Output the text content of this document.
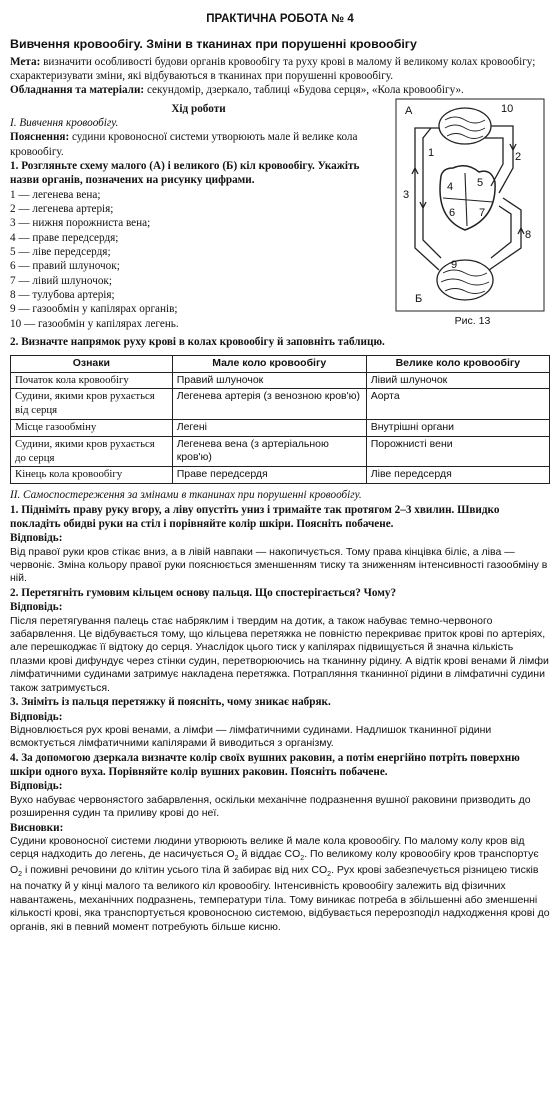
ПРАКТИЧНА РОБОТА № 4
Вивчення кровообігу. Зміни в тканинах при порушенні кровообігу

Мета: визначити особливості будови органів кровообігу та руху крові в малому й великому колах кровообігу; схарактеризувати зміни, які відбуваються в тканинах при порушенні кровообігу.

Обладнання та матеріали: секундомір, дзеркало, таблиці «Будова серця», «Кола кровообігу».

Хід роботи

І. Вивчення кровообігу.

Пояснення: судини кровоносної системи утворюють мале й велике кола кровообігу.

1. Розгляньте схему малого (А) і великого (Б) кіл кровообігу. Укажіть назви органів, позначених на рисунку цифрами.

1 — легенева вена;
2 — легенева артерія;
3 — нижня порожниста вена;
4 — праве передсердя;
5 — ліве передсердя;
6 — правий шлуночок;
7 — лівий шлуночок;
8 — тулубова артерія;
9 — газообмін у капілярах органів;
10 — газообмін у капілярах легень.
А	10
1	2
5
4
3
6 7
8
9
Б
Рис. 13

2. Визначте напрямок руху крові в колах кровообігу й заповніть таблицю.

Ознаки	Мале коло кровообігу	Велике коло кровообігу
Початок кола кровообігу	Правий шлуночок	Лівий шлуночок
Судини, якими кров рухається від серця	Легенева артерія (з венозною кров'ю)	Аорта
Місце газообміну	Легені	Внутрішні органи
Судини, якими кров рухається до серця	Легенева вена (з артеріальною кров'ю)	Порожнисті вени
Кінець кола кровообігу	Праве передсердя	Ліве передсердя

ІІ. Самоспостереження за змінами в тканинах при порушенні кровообігу.

1. Підніміть праву руку вгору, а ліву опустіть униз і тримайте так протягом 2–3 хвилин. Швидко покладіть обидві руки на стіл і порівняйте колір шкіри. Поясніть побачене.

Відповідь:

Від правої руки кров стікає вниз, а в лівій навпаки — накопичується. Тому права кінцівка біліє, а ліва — червоніє. Зміна кольору правої руки пояснюється зменшенням тиску та зниженням інтенсивності газообміну в ній.

2. Перетягніть гумовим кільцем основу пальця. Що спостерігається? Чому?

Відповідь:

Після перетягування палець стає набряклим і твердим на дотик, а також набуває темно-червоного забарвлення. Це відбувається тому, що кільцева перетяжка не повністю перекриває приток крові по артеріях, але перешкоджає її відтоку до серця. Унаслідок цього тиск у капілярах підвищується й значна кількість плазми крові дифундує через стінки судин, перетворюючись на тканинну рідину. А відтік крові венами й лімфи лімфатичними судинами затримує накладена перетяжка. Потрапляння тканинної рідини в лімфатичні судини також затримується.

3. Зніміть із пальця перетяжку й поясніть, чому зникає набряк.

Відповідь:

Відновлюється рух крові венами, а лімфи — лімфатичними судинами. Надлишок тканинної рідини всмоктується лімфатичними капілярами й виводиться з організму.

4. За допомогою дзеркала визначте колір своїх вушних раковин, а потім енергійно потріть поверхню шкіри одного вуха. Порівняйте колір вушних раковин. Поясніть побачене.

Відповідь:

Вухо набуває червонястого забарвлення, оскільки механічне подразнення вушної раковини призводить до розширення судин та приливу крові до неї.

Висновки:

Судини кровоносної системи людини утворюють велике й мале кола кровообігу. По малому колу кров від серця надходить до легень, де насичується $O_2$ й віддає $CO_2$. По великому колу кровообігу кров транспортує $O_2$ і поживні речовини до клітин усього тіла й забирає від них $CO_2$. Рух крові забезпечується різницею тисків на початку й у кінці малого та великого кіл кровообігу. Інтенсивність кровообігу залежить від фізичних навантажень, механічних подразнень, температури тіла. Тому виникає потреба в збільшенні або зменшенні кількості крові, яка транспортується кровоносною системою, відбувається перерозподіл надходження крові до органів, які в певний момент потребують більше кисню.
